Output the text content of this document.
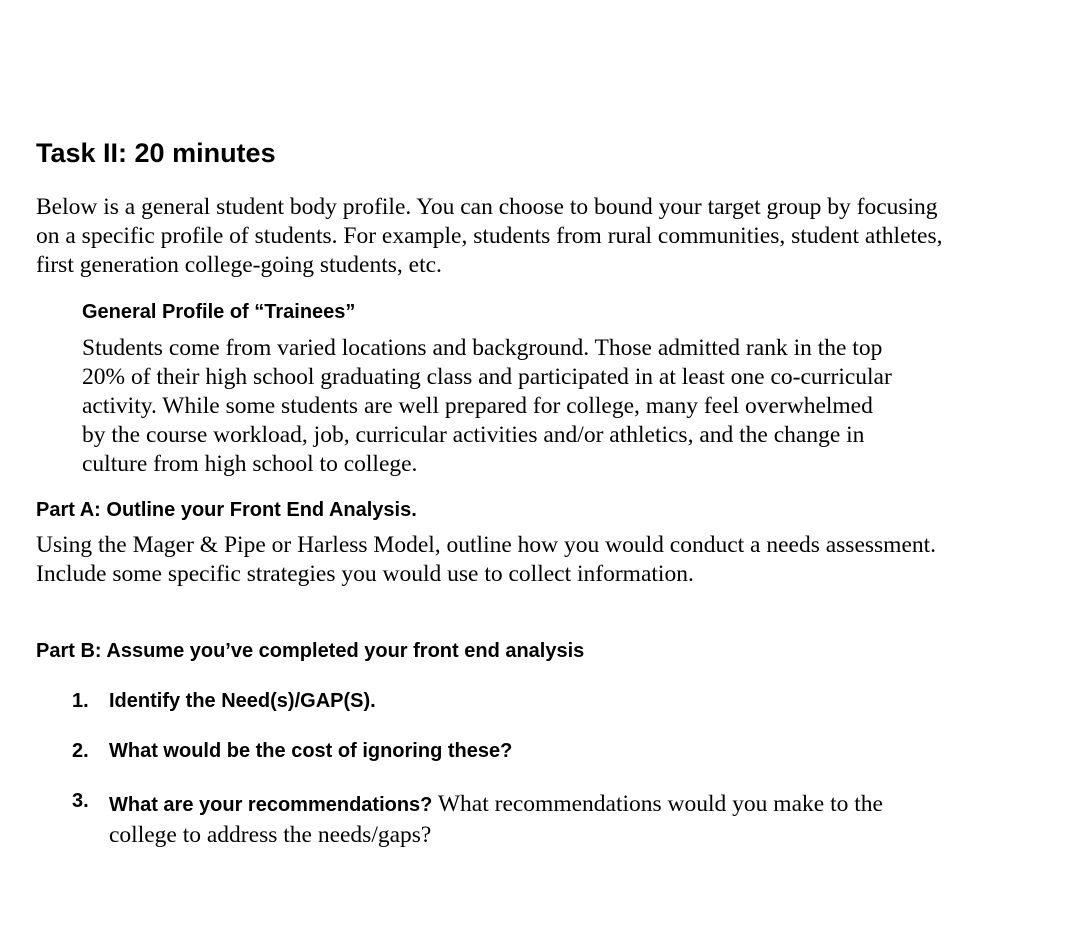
Task II: 20 minutes

Below is a general student body profile. You can choose to bound your target group by focusing
on a specific profile of students. For example, students from rural communities, student athletes,
first generation college-going students, etc.

General Profile of “Trainees”

Students come from varied locations and background. Those admitted rank in the top
20% of their high school graduating class and participated in at least one co-curricular
activity. While some students are well prepared for college, many feel overwhelmed
by the course workload, job, curricular activities and/or athletics, and the change in
culture from high school to college.

Part A: Outline your Front End Analysis.

Using the Mager & Pipe or Harless Model, outline how you would conduct a needs assessment.
Include some specific strategies you would use to collect information.

Part B: Assume you’ve completed your front end analysis
1. Identify the Need(s)/GAP(S).
2. What would be the cost of ignoring these?
3. What are your recommendations? What recommendations would you make to the
college to address the needs/gaps?
